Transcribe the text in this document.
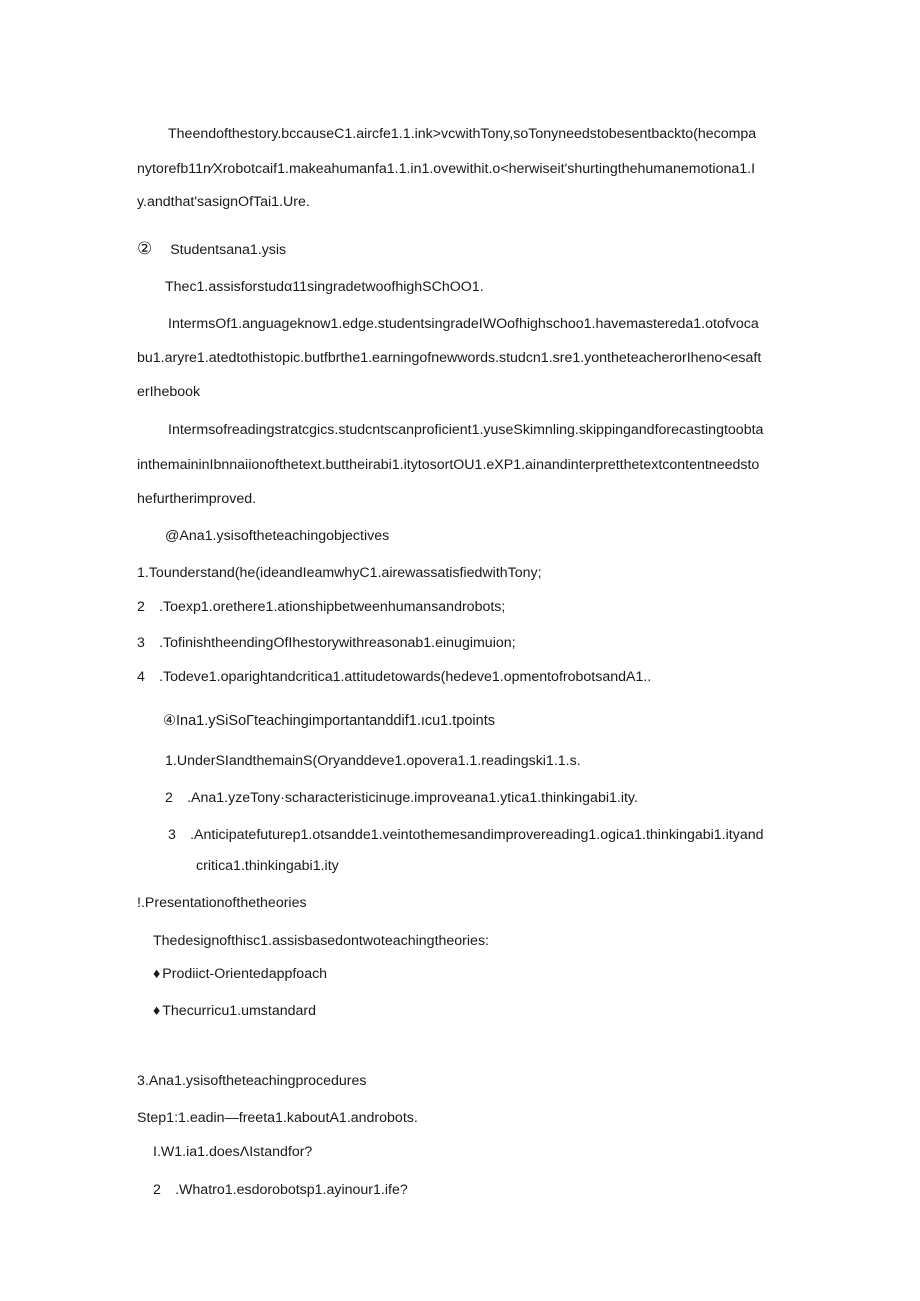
Theendofthestory.bccauseC1.aircfe1.1.ink>vcwithTony,soTonyneedstobesentbackto(hecompa
nytorefb11n∕Xrobotcaif1.makeahumanfa1.1.in1.ovewithit.o<herwiseit'shurtingthehumanemotiona1.I
y.andthat'sasignOfTai1.Ure.
② Studentsana1.ysis
Thec1.assisforstudα11singradetwoofhighSChOO1.
IntermsOf1.anguageknow1.edge.studentsingradeIWOofhighschoo1.havemastereda1.otofvoca
bu1.aryre1.atedtothistopic.butfbrthe1.earningofnewwords.studcn1.sre1.yontheteacherorIheno<esaft
erIhebook
Intermsofreadingstratcgics.studcntscanproficient1.yuseSkimnling.skippingandforecastingtoobta
inthemaininIbnnaiionofthetext.buttheirabi1.itytosortOU1.eXP1.ainandinterpretthetextcontentneedsto
hefurtherimproved.
@Ana1.ysisoftheteachingobjectives
1.Tounderstand(he(ideandIeamwhyC1.airewassatisfiedwithTony;
2 .Toexp1.orethere1.ationshipbetweenhumansandrobots;
3 .TofinishtheendingOfIhestorywithreasonab1.einugimuion;
4 .Todeve1.oparightandcritica1.attitudetowards(hedeve1.opmentofrobotsandA1..
④Ina1.ySiSoГteachingimportantanddif1.ıcu1.tpoints
1.UnderSIandthemainS(Oryanddeve1.opovera1.1.readingski1.1.s.
2 .Ana1.yzeTony·scharacteristicinuge.improveana1.ytica1.thinkingabi1.ity.
3 .Anticipatefuturep1.otsandde1.veintothemesandimprovereading1.ogica1.thinkingabi1.ityand
critica1.thinkingabi1.ity
!.Presentationofthetheories
Thedesignofthisc1.assisbasedontwoteachingtheories:
♦ Prodiict-Orientedappfoach
♦ Thecurricu1.umstandard
3.Ana1.ysisoftheteachingprocedures
Step1:1.eadin—freeta1.kaboutA1.androbots.
I.W1.ia1.doesΛIstandfor?
2 .Whatro1.esdorobotsp1.ayinour1.ife?
